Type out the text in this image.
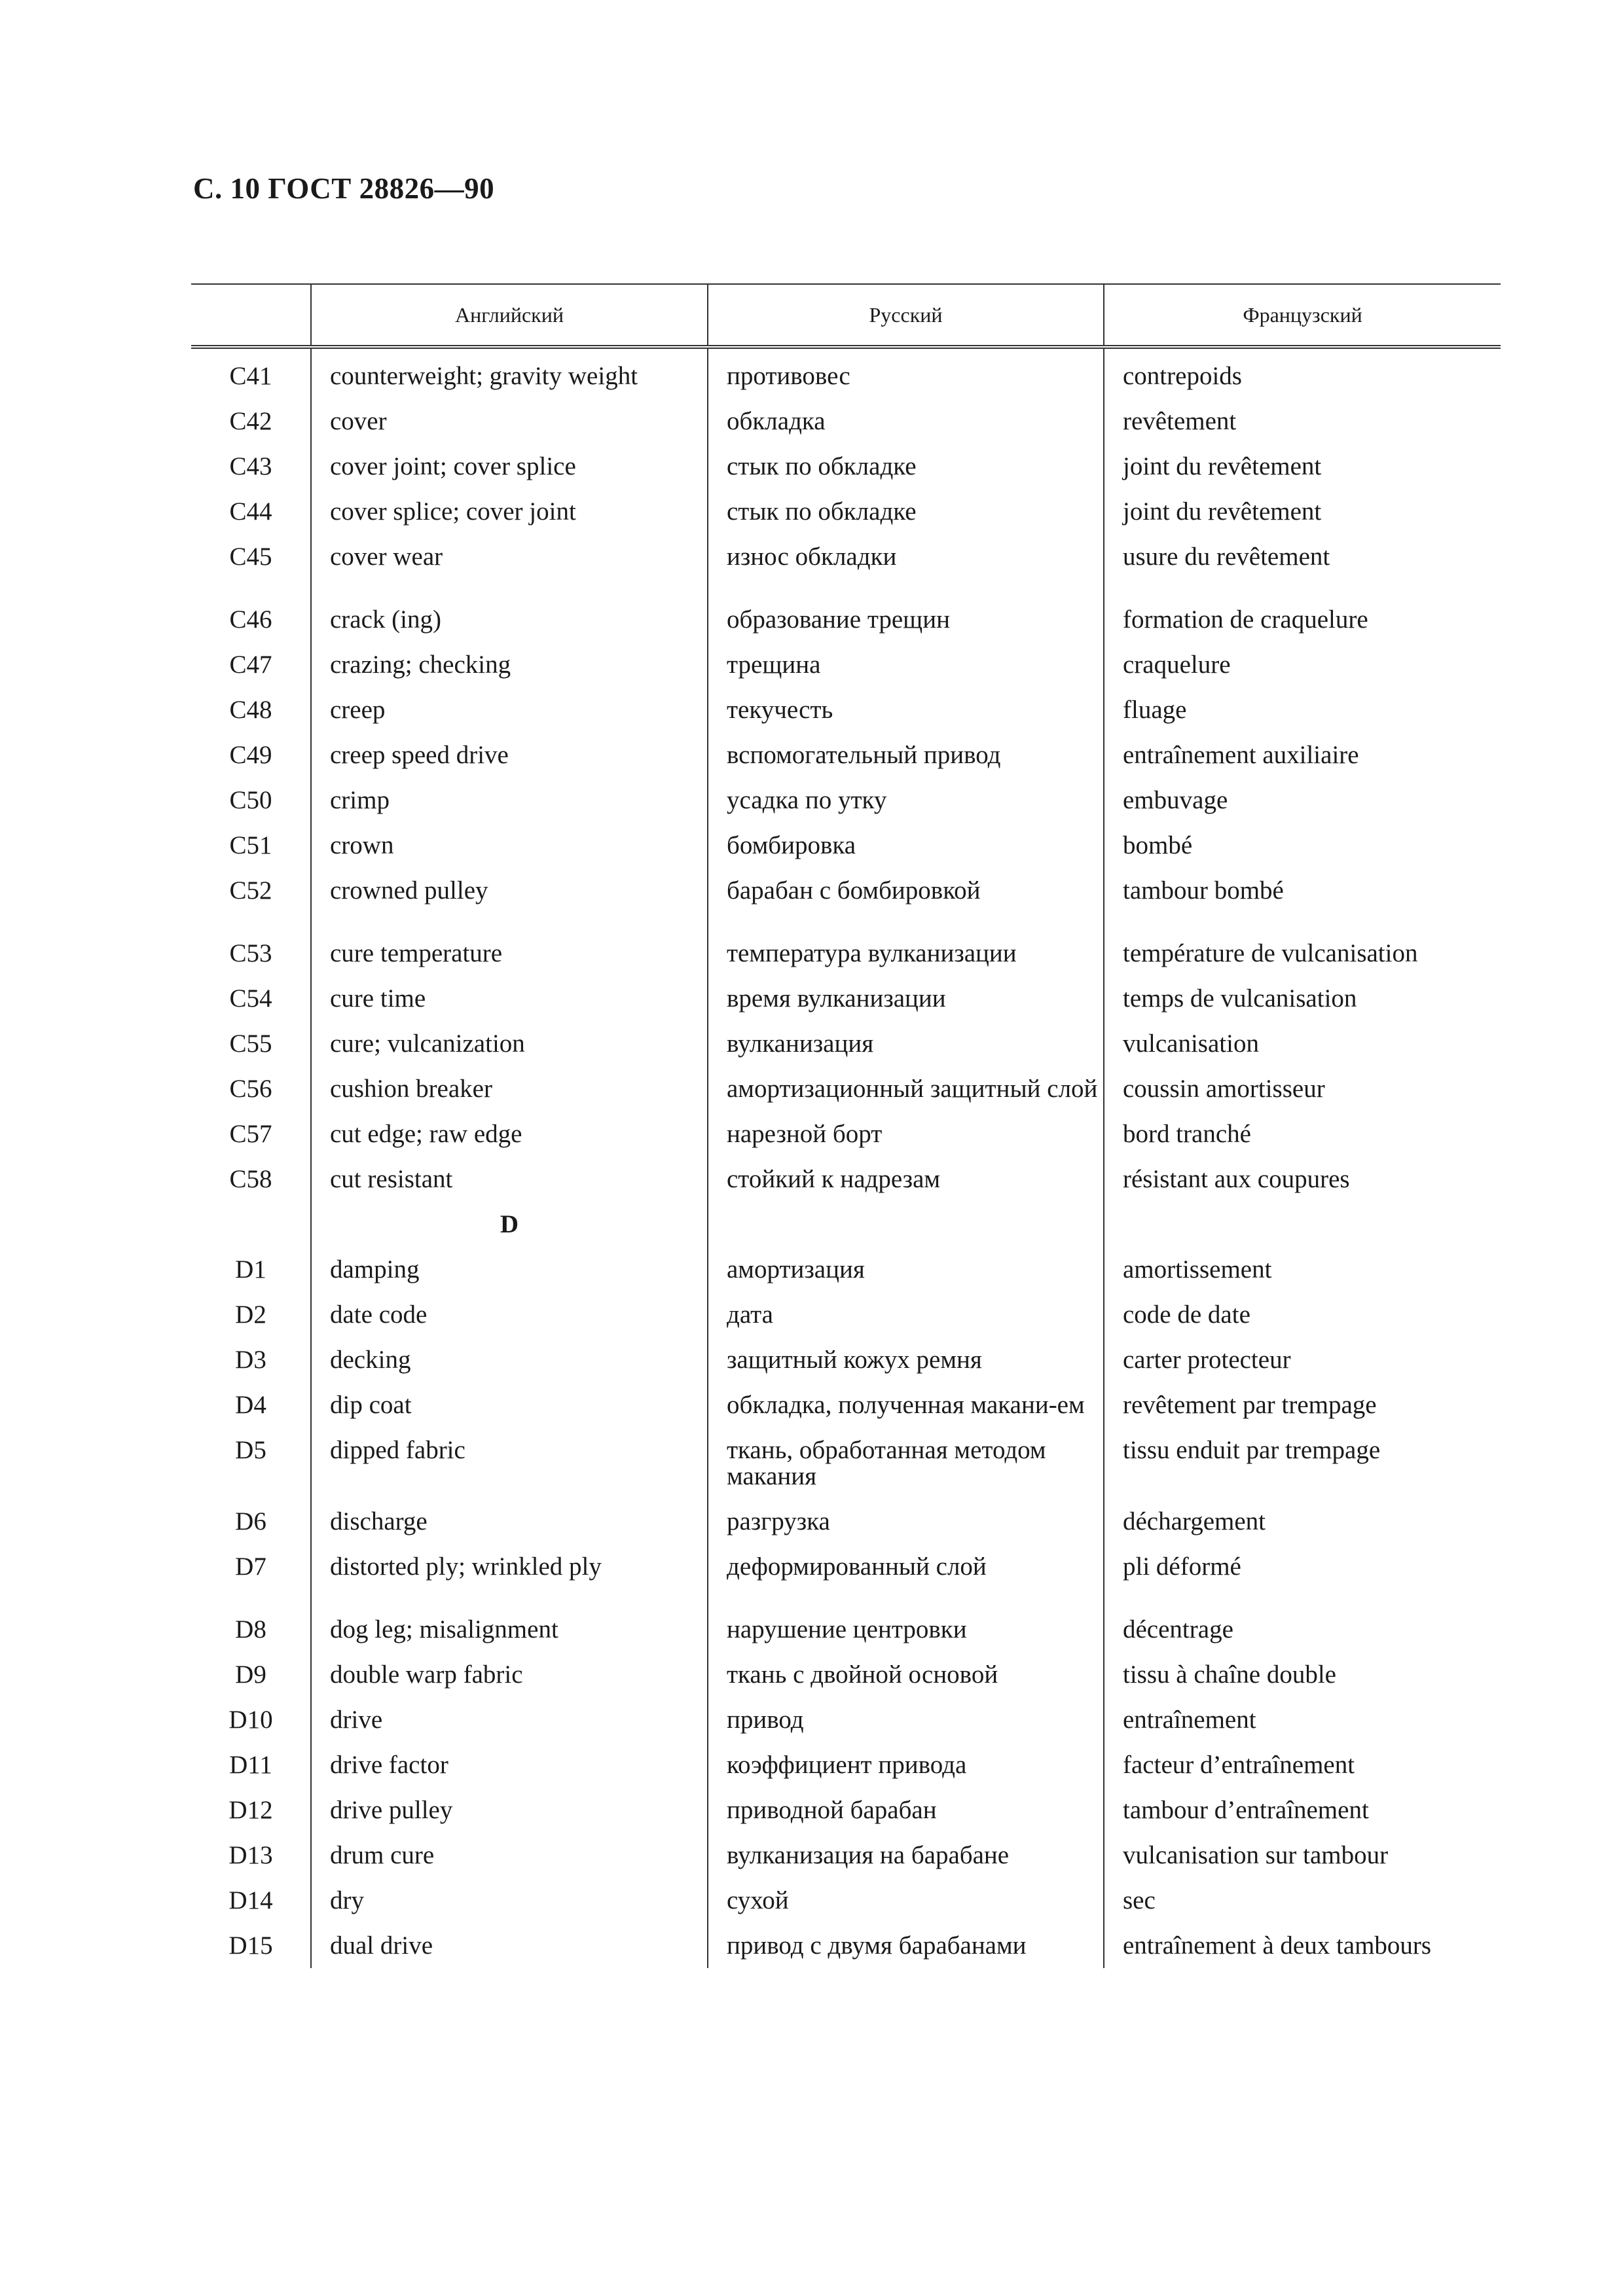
С. 10 ГОСТ 28826—90
	Английский	Русский	Французский
C41	counterweight; gravity weight	противовес	contrepoids
C42	cover	обкладка	revêtement
C43	cover joint; cover splice	стык по обкладке	joint du revêtement
C44	cover splice; cover joint	стык по обкладке	joint du revêtement
C45	cover wear	износ обкладки	usure du revêtement
C46	crack (ing)	образование трещин	formation de craquelure
C47	crazing; checking	трещина	craquelure
C48	creep	текучесть	fluage
C49	creep speed drive	вспомогательный привод	entraînement auxiliaire
C50	crimp	усадка по утку	embuvage
C51	crown	бомбировка	bombé
C52	crowned pulley	барабан с бомбировкой	tambour bombé
C53	cure temperature	температура вулканизации	température de vulcanisation
C54	cure time	время вулканизации	temps de vulcanisation
C55	cure; vulcanization	вулканизация	vulcanisation
C56	cushion breaker	амортизационный защитный слой	coussin amortisseur
C57	cut edge; raw edge	нарезной борт	bord tranché
C58	cut resistant	стойкий к надрезам	résistant aux coupures
	D		
D1	damping	амортизация	amortissement
D2	date code	дата	code de date
D3	decking	защитный кожух ремня	carter protecteur
D4	dip coat	обкладка, полученная макани-ем	revêtement par trempage
D5	dipped fabric	ткань, обработанная методом макания	tissu enduit par trempage
D6	discharge	разгрузка	déchargement
D7	distorted ply; wrinkled ply	деформированный слой	pli déformé
D8	dog leg; misalignment	нарушение центровки	décentrage
D9	double warp fabric	ткань с двойной основой	tissu à chaîne double
D10	drive	привод	entraînement
D11	drive factor	коэффициент привода	facteur d’entraînement
D12	drive pulley	приводной барабан	tambour d’entraînement
D13	drum cure	вулканизация на барабане	vulcanisation sur tambour
D14	dry	сухой	sec
D15	dual drive	привод с двумя барабанами	entraînement à deux tambours
